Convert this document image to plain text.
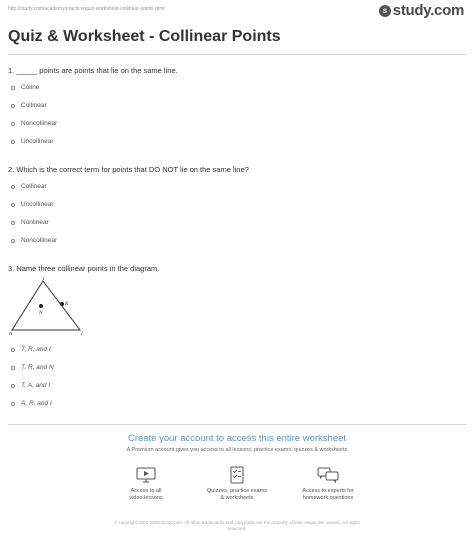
http://study.com/academy/practice/quiz-worksheet-collinear-points.html	s study.com
Quiz & Worksheet - Collinear Points
1. _____ points are points that lie on the same line.
Coline
Collinear
Noncollinear
Uncollinear
2. Which is the correct term for points that DO NOT lie on the same line?
Collinear
Uncollinear
Nonlinear
Noncollinear
3. Name three collinear points in the diagram.
T
R
N
A	I
T, R, and I
T, R, and N
T, A, and I
A, R, and I
Create your account to access this entire worksheet
A Premium account gives you access to all lessons, practice exams, quizzes & worksheets
Access to all
video lessons
Quizzes, practice exams
& worksheets
Access to experts for
homework questions
© copyright 2003-2020 Study.com. All other trademarks and copyrights are the property of their respective owners. All rights
reserved.
